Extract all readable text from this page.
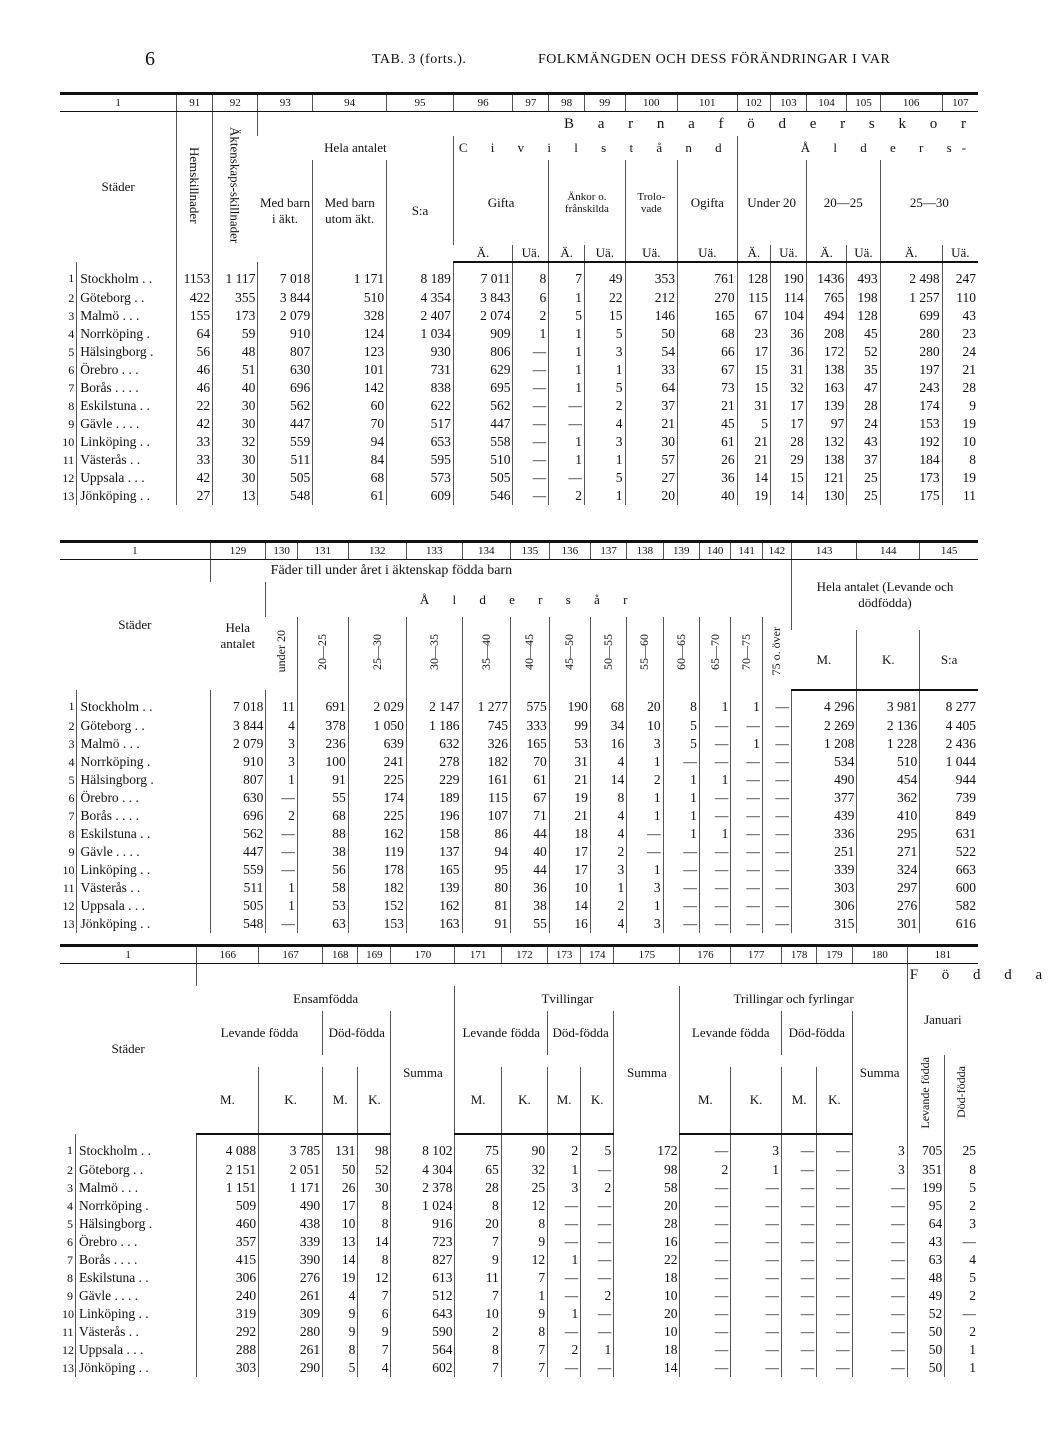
6	TAB. 3 (forts.).	FOLKMÄNGDEN OCH DESS FÖRÄNDRINGAR I VAR
1		91	92	93	94	95	96	97	98	99	100	101	102	103	104	105	106	107
Städer		Hemskillnader	Äktenskaps-skillnader	B a r n a f ö d e r s k o r														
				Hela antalet			C i v i l s t å n d						Å l d e r s-					
				Med barn i äkt.	Med barn utom äkt.	S:a	Gifta		Änkor o. frånskilda		Trolo-vade	Ogifta	Under 20		20—25		25—30	
							Ä.	Uä.	Ä.	Uä.	Uä.	Uä.	Ä.	Uä.	Ä.	Uä.	Ä.	Uä.
1	Stockholm . .	1153	1 117	7 018	1 171	8 189	7 011	8	7	49	353	761	128	190	1436	493	2 498	247
2	Göteborg . .	422	355	3 844	510	4 354	3 843	6	1	22	212	270	115	114	765	198	1 257	110
3	Malmö . . .	155	173	2 079	328	2 407	2 074	2	5	15	146	165	67	104	494	128	699	43
4	Norrköping .	64	59	910	124	1 034	909	1	1	5	50	68	23	36	208	45	280	23
5	Hälsingborg .	56	48	807	123	930	806	—	1	3	54	66	17	36	172	52	280	24
6	Örebro . . .	46	51	630	101	731	629	—	1	1	33	67	15	31	138	35	197	21
7	Borås . . . .	46	40	696	142	838	695	—	1	5	64	73	15	32	163	47	243	28
8	Eskilstuna . .	22	30	562	60	622	562	—	—	2	37	21	31	17	139	28	174	9
9	Gävle . . . .	42	30	447	70	517	447	—	—	4	21	45	5	17	97	24	153	19
10	Linköping . .	33	32	559	94	653	558	—	1	3	30	61	21	28	132	43	192	10
11	Västerås . .	33	30	511	84	595	510	—	1	1	57	26	21	29	138	37	184	8
12	Uppsala . . .	42	30	505	68	573	505	—	—	5	27	36	14	15	121	25	173	19
13	Jönköping . .	27	13	548	61	609	546	—	2	1	20	40	19	14	130	25	175	11
1		129	130	131	132	133	134	135	136	137	138	139	140	141	142	143	144	145
Städer		Fäder till under året i äktenskap födda barn														Hela antalet (Levande och dödfödda)		
		Hela antalet	Å l d e r s å r															
			under 20	20—25	25—30	30—35	35—40	40—45	45—50	50—55	55—60	60—65	65—70	70—75	75 o. över			
																M.	K.	S:a
1	Stockholm . .	7 018	11	691	2 029	2 147	1 277	575	190	68	20	8	1	1	—	4 296	3 981	8 277
2	Göteborg . .	3 844	4	378	1 050	1 186	745	333	99	34	10	5	—	—	—	2 269	2 136	4 405
3	Malmö . . .	2 079	3	236	639	632	326	165	53	16	3	5	—	1	—	1 208	1 228	2 436
4	Norrköping .	910	3	100	241	278	182	70	31	4	1	—	—	—	—	534	510	1 044
5	Hälsingborg .	807	1	91	225	229	161	61	21	14	2	1	1	—	—	490	454	944
6	Örebro . . .	630	—	55	174	189	115	67	19	8	1	1	—	—	—	377	362	739
7	Borås . . . .	696	2	68	225	196	107	71	21	4	1	1	—	—	—	439	410	849
8	Eskilstuna . .	562	—	88	162	158	86	44	18	4	—	1	1	—	—	336	295	631
9	Gävle . . . .	447	—	38	119	137	94	40	17	2	—	—	—	—	—	251	271	522
10	Linköping . .	559	—	56	178	165	95	44	17	3	1	—	—	—	—	339	324	663
11	Västerås . .	511	1	58	182	139	80	36	10	1	3	—	—	—	—	303	297	600
12	Uppsala . . .	505	1	53	152	162	81	38	14	2	1	—	—	—	—	306	276	582
13	Jönköping . .	548	—	63	153	163	91	55	16	4	3	—	—	—	—	315	301	616
1		166	167	168	169	170	171	172	173	174	175	176	177	178	179	180	181	
Städer																	F ö d d a	
		Ensamfödda					Tvillingar					Trillingar och fyrlingar					Januari	
		Levande födda		Död-födda		Summa	Levande födda		Död-födda		Summa	Levande födda		Död-födda		Summa		
																	Levande födda	Död-födda
		M.	K.	M.	K.		M.	K.	M.	K.		M.	K.	M.	K.			
1	Stockholm . .	4 088	3 785	131	98	8 102	75	90	2	5	172	—	3	—	—	3	705	25
2	Göteborg . .	2 151	2 051	50	52	4 304	65	32	1	—	98	2	1	—	—	3	351	8
3	Malmö . . .	1 151	1 171	26	30	2 378	28	25	3	2	58	—	—	—	—	—	199	5
4	Norrköping .	509	490	17	8	1 024	8	12	—	—	20	—	—	—	—	—	95	2
5	Hälsingborg .	460	438	10	8	916	20	8	—	—	28	—	—	—	—	—	64	3
6	Örebro . . .	357	339	13	14	723	7	9	—	—	16	—	—	—	—	—	43	—
7	Borås . . . .	415	390	14	8	827	9	12	1	—	22	—	—	—	—	—	63	4
8	Eskilstuna . .	306	276	19	12	613	11	7	—	—	18	—	—	—	—	—	48	5
9	Gävle . . . .	240	261	4	7	512	7	1	—	2	10	—	—	—	—	—	49	2
10	Linköping . .	319	309	9	6	643	10	9	1	—	20	—	—	—	—	—	52	—
11	Västerås . .	292	280	9	9	590	2	8	—	—	10	—	—	—	—	—	50	2
12	Uppsala . . .	288	261	8	7	564	8	7	2	1	18	—	—	—	—	—	50	1
13	Jönköping . .	303	290	5	4	602	7	7	—	—	14	—	—	—	—	—	50	1
